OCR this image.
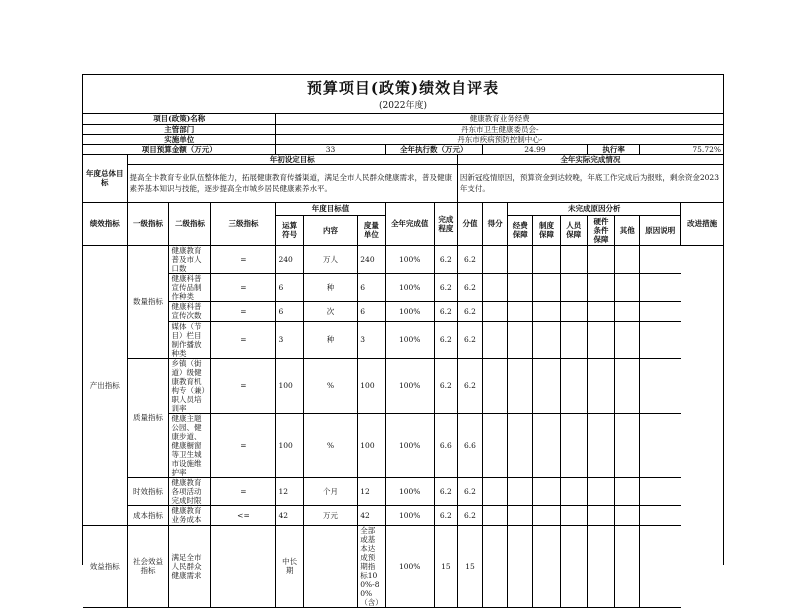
预算项目(政策)绩效自评表
(2022年度)
项目(政策)名称				健康教育业务经费													
主管部门				丹东市卫生健康委员会-													
实施单位				丹东市疾病预防控制中心-													
项目预算金额（万元）				33			全年执行数（万元）			24.99				执行率		75.72%	
年度总体目标	年初设定目标								全年实际完成情况								
	提高全卡教育专业队伍整体能力，拓展健康教育传播渠道，满足全市人民群众健康需求，普及健康素养基本知识与技能，逐步提高全市城乡居民健康素养水平。								因新冠疫情原因，预算资金到达较晚，年底工作完成后为报账，剩余资金2023年支付。								
绩效指标	一级指标	二级指标	三级指标	年度目标值			全年完成值	完成程度	分值	得分	未完成原因分析						改进措施
				运算符号	内容	度量单位					经费保障	制度保障	人员保障	硬件条件保障	其他	原因说明	
产出指标	数量指标	健康教育普及市人口数	=	240	万人	240	100%	6.2	6.2								
		健康科普宣传品制作种类	=	6	种	6	100%	6.2	6.2								
		健康科普宣传次数	=	6	次	6	100%	6.2	6.2								
		媒体（节目）栏目制作播放种类	=	3	种	3	100%	6.2	6.2								
	质量指标	乡镇（街道）级健康教育机构专（兼）职人员培训率	=	100	%	100	100%	6.2	6.2								
		健康主题公园、健康步道、健康橱窗等卫生城市设施维护率	=	100	%	100	100%	6.6	6.6								
	时效指标	健康教育各项活动完成时限	=	12	个月	12	100%	6.2	6.2								
	成本指标	健康教育业务成本	<=	42	万元	42	100%	6.2	6.2								
效益指标	社会效益指标	满足全市人民群众健康需求		中长期		全部或基本达成预期指标100%-80%（含）	100%	15	15								
